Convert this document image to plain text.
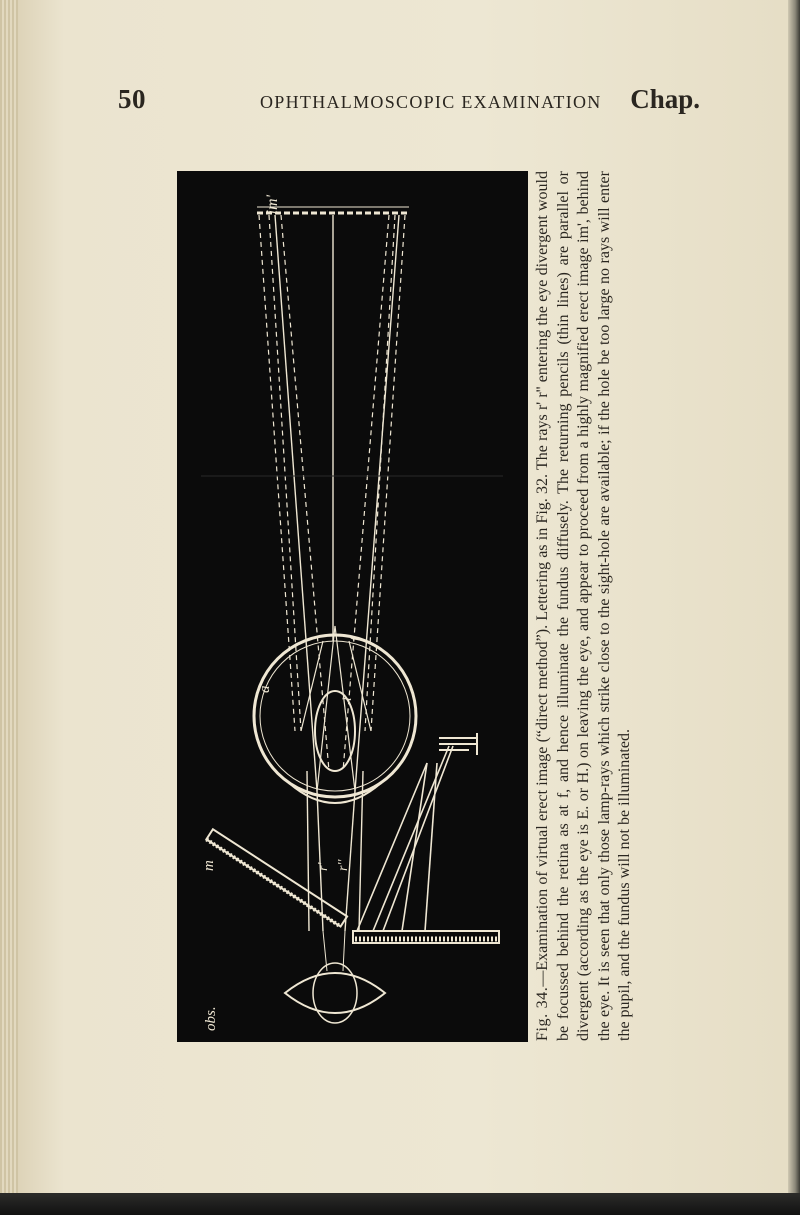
50	OPHTHALMOSCOPIC EXAMINATION Chap.
im'
r' r''
f
l
a
m
obs.	Fig. 34.—Examination of virtual erect image (“direct method”). Lettering as in Fig. 32. The rays r' r'' entering the eye divergent would be focussed behind the retina as at f, and hence illuminate the fundus diffusely. The returning pencils (thin lines) are parallel or divergent (according as the eye is E. or H.) on leaving the eye, and appear to proceed from a highly magnified erect image im', behind the eye. It is seen that only those lamp-rays which strike close to the sight-hole are available; if the hole be too large no rays will enter the pupil, and the fundus will not be illuminated.
